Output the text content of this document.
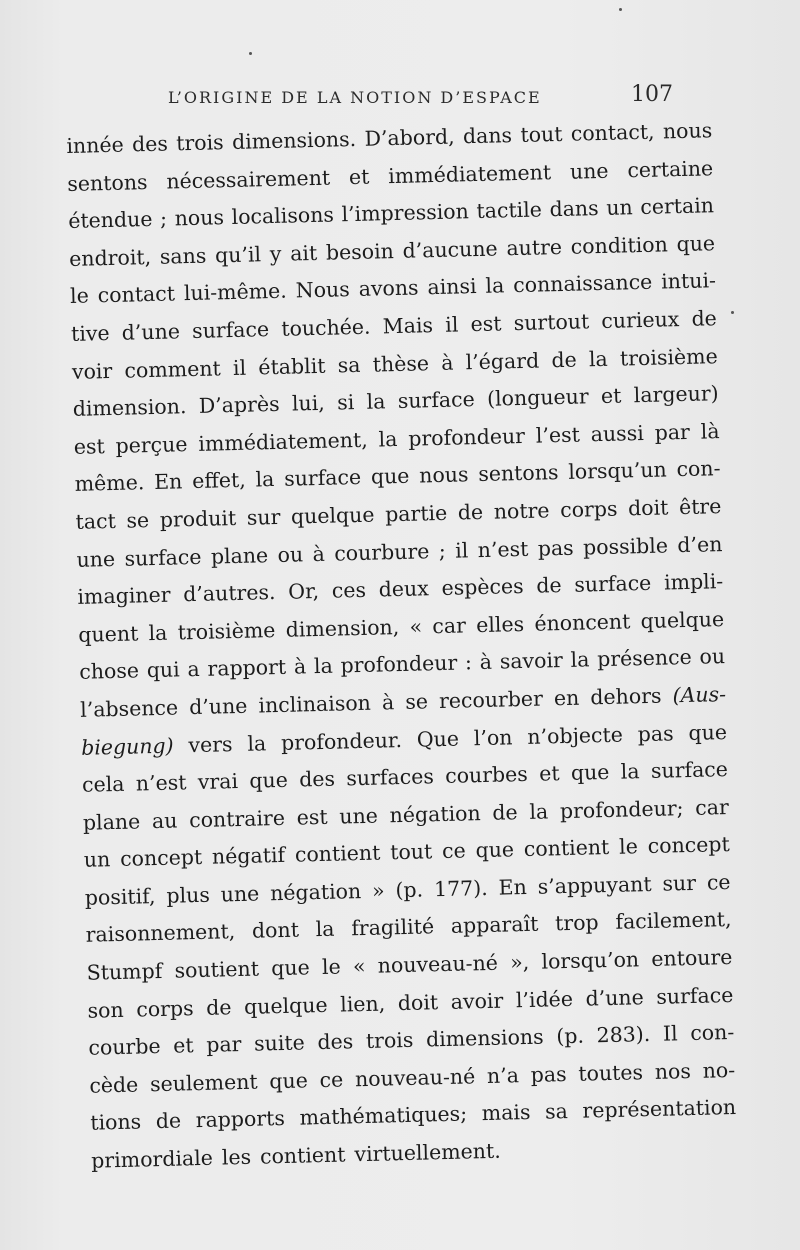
L’ORIGINE DE LA NOTION D’ESPACE	107
innée des trois dimensions. D’abord, dans tout contact, nous
sentons nécessairement et immédiatement une certaine
étendue ; nous localisons l’impression tactile dans un certain
endroit, sans qu’il y ait besoin d’aucune autre condition que
le contact lui-même. Nous avons ainsi la connaissance intui-
tive d’une surface touchée. Mais il est surtout curieux de
voir comment il établit sa thèse à l’égard de la troisième
dimension. D’après lui, si la surface (longueur et largeur)
est perçue immédiatement, la profondeur l’est aussi par là
même. En effet, la surface que nous sentons lorsqu’un con-
tact se produit sur quelque partie de notre corps doit être
une surface plane ou à courbure ; il n’est pas possible d’en
imaginer d’autres. Or, ces deux espèces de surface impli-
quent la troisième dimension, « car elles énoncent quelque
chose qui a rapport à la profondeur : à savoir la présence ou
l’absence d’une inclinaison à se recourber en dehors (Aus-
biegung) vers la profondeur. Que l’on n’objecte pas que
cela n’est vrai que des surfaces courbes et que la surface
plane au contraire est une négation de la profondeur; car
un concept négatif contient tout ce que contient le concept
positif, plus une négation » (p. 177). En s’appuyant sur ce
raisonnement, dont la fragilité apparaît trop facilement,
Stumpf soutient que le « nouveau-né », lorsqu’on entoure
son corps de quelque lien, doit avoir l’idée d’une surface
courbe et par suite des trois dimensions (p. 283). Il con-
cède seulement que ce nouveau-né n’a pas toutes nos no-
tions de rapports mathématiques; mais sa représentation
primordiale les contient virtuellement.
